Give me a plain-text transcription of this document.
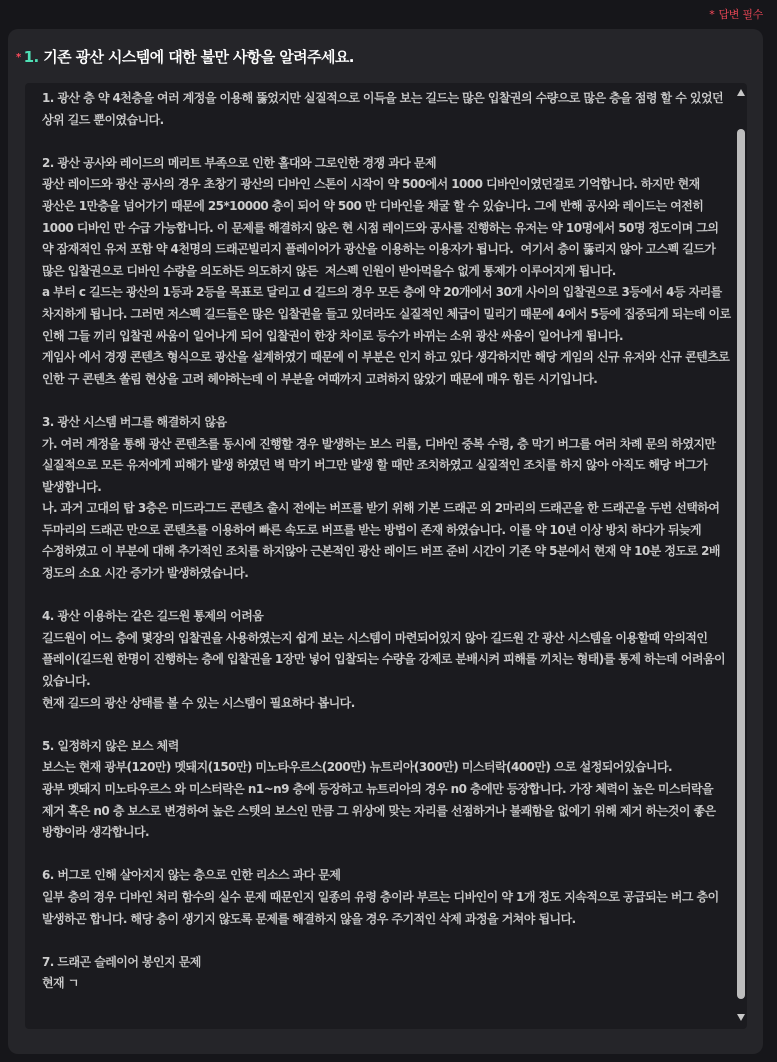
* 답변 필수
* 1. 기존 광산 시스템에 대한 불만 사항을 알려주세요.
1. 광산 층 약 4천층을 여러 계정을 이용해 뚫었지만 실질적으로 이득을 보는 길드는 많은 입찰권의 수량으로 많은 층을 점령 할 수 있었던 상위 길드 뿐이였습니다.

2. 광산 공사와 레이드의 메리트 부족으로 인한 홀대와 그로인한 경쟁 과다 문제
광산 레이드와 광산 공사의 경우 초창기 광산의 디바인 스톤이 시작이 약 500에서 1000 디바인이였던걸로 기억합니다. 하지만 현재 광산은 1만층을 넘어가기 때문에 25*10000 층이 되어 약 500 만 디바인을 채굴 할 수 있습니다. 그에 반해 공사와 레이드는 여전히 1000 디바인 만 수급 가능합니다. 이 문제를 해결하지 않은 현 시점 레이드와 공사를 진행하는 유저는 약 10명에서 50명 정도이며 그의 약 잠재적인 유저 포함 약 4천명의 드래곤빌리지 플레이어가 광산을 이용하는 이용자가 됩니다.  여기서 층이 뚫리지 않아 고스펙 길드가 많은 입찰권으로 디바인 수량을 의도하든 의도하지 않든  저스펙 인원이 받아먹을수 없게 통제가 이루어지게 됩니다.
a 부터 c 길드는 광산의 1등과 2등을 목표로 달리고 d 길드의 경우 모든 층에 약 20개에서 30개 사이의 입찰권으로 3등에서 4등 자리를 차지하게 됩니다. 그러면 저스펙 길드들은 많은 입찰권을 들고 있더라도 실질적인 체급이 밀리기 때문에 4에서 5등에 집중되게 되는데 이로 인해 그들 끼리 입찰권 싸움이 일어나게 되어 입찰권이 한장 차이로 등수가 바뀌는 소위 광산 싸움이 일어나게 됩니다.
게임사 에서 경쟁 콘텐츠 형식으로 광산을 설계하였기 때문에 이 부분은 인지 하고 있다 생각하지만 해당 게임의 신규 유저와 신규 콘텐츠로 인한 구 콘텐츠 쏠림 현상을 고려 헤야하는데 이 부분을 여때까지 고려하지 않았기 때문에 매우 힘든 시기입니다.

3. 광산 시스템 버그를 해결하지 않음
가. 여러 계정을 통해 광산 콘텐츠를 동시에 진행할 경우 발생하는 보스 리롤, 디바인 중복 수령, 층 막기 버그를 여러 차례 문의 하였지만 실질적으로 모든 유저에게 피해가 발생 하였던 벽 막기 버그만 발생 할 때만 조치하였고 실질적인 조치를 하지 않아 아직도 해당 버그가 발생합니다.
나. 과거 고대의 탑 3층은 미드라그드 콘텐츠 출시 전에는 버프를 받기 위해 기본 드래곤 외 2마리의 드래곤을 한 드래곤을 두번 선택하여 두마리의 드래곤 만으로 콘텐츠를 이용하여 빠른 속도로 버프를 받는 방법이 존재 하였습니다. 이를 약 10년 이상 방치 하다가 뒤늦게 수정하였고 이 부분에 대해 추가적인 조치를 하지않아 근본적인 광산 레이드 버프 준비 시간이 기존 약 5분에서 현재 약 10분 정도로 2배 정도의 소요 시간 증가가 발생하였습니다.

4. 광산 이용하는 같은 길드원 통제의 어려움
길드원이 어느 층에 몇장의 입찰권을 사용하였는지 쉽게 보는 시스템이 마련되어있지 않아 길드원 간 광산 시스템을 이용할때 악의적인 플레이(길드원 한명이 진행하는 층에 입찰권을 1장만 넣어 입찰되는 수량을 강제로 분배시켜 피해를 끼치는 형태)를 통제 하는데 어려움이 있습니다.
현재 길드의 광산 상태를 볼 수 있는 시스템이 필요하다 봅니다.

5. 일정하지 않은 보스 체력
보스는 현재 광부(120만) 멧돼지(150만) 미노타우르스(200만) 뉴트리아(300만) 미스터락(400만) 으로 설정되어있습니다.
광부 멧돼지 미노타우르스 와 미스터락은 n1~n9 층에 등장하고 뉴트리아의 경우 n0 층에만 등장합니다. 가장 체력이 높은 미스터락을 제거 혹은 n0 층 보스로 변경하여 높은 스텟의 보스인 만큼 그 위상에 맞는 자리를 선점하거나 불쾌함을 없에기 위해 제거 하는것이 좋은 방향이라 생각합니다.

6. 버그로 인해 살아지지 않는 층으로 인한 리소스 과다 문제
일부 층의 경우 디바인 처리 함수의 실수 문제 때문인지 일종의 유령 층이라 부르는 디바인이 약 1개 정도 지속적으로 공급되는 버그 층이 발생하곤 합니다. 해당 층이 생기지 않도록 문제를 해결하지 않을 경우 주기적인 삭제 과정을 거쳐야 됩니다.

7. 드래곤 슬레이어 봉인지 문제
현재 ㄱ
